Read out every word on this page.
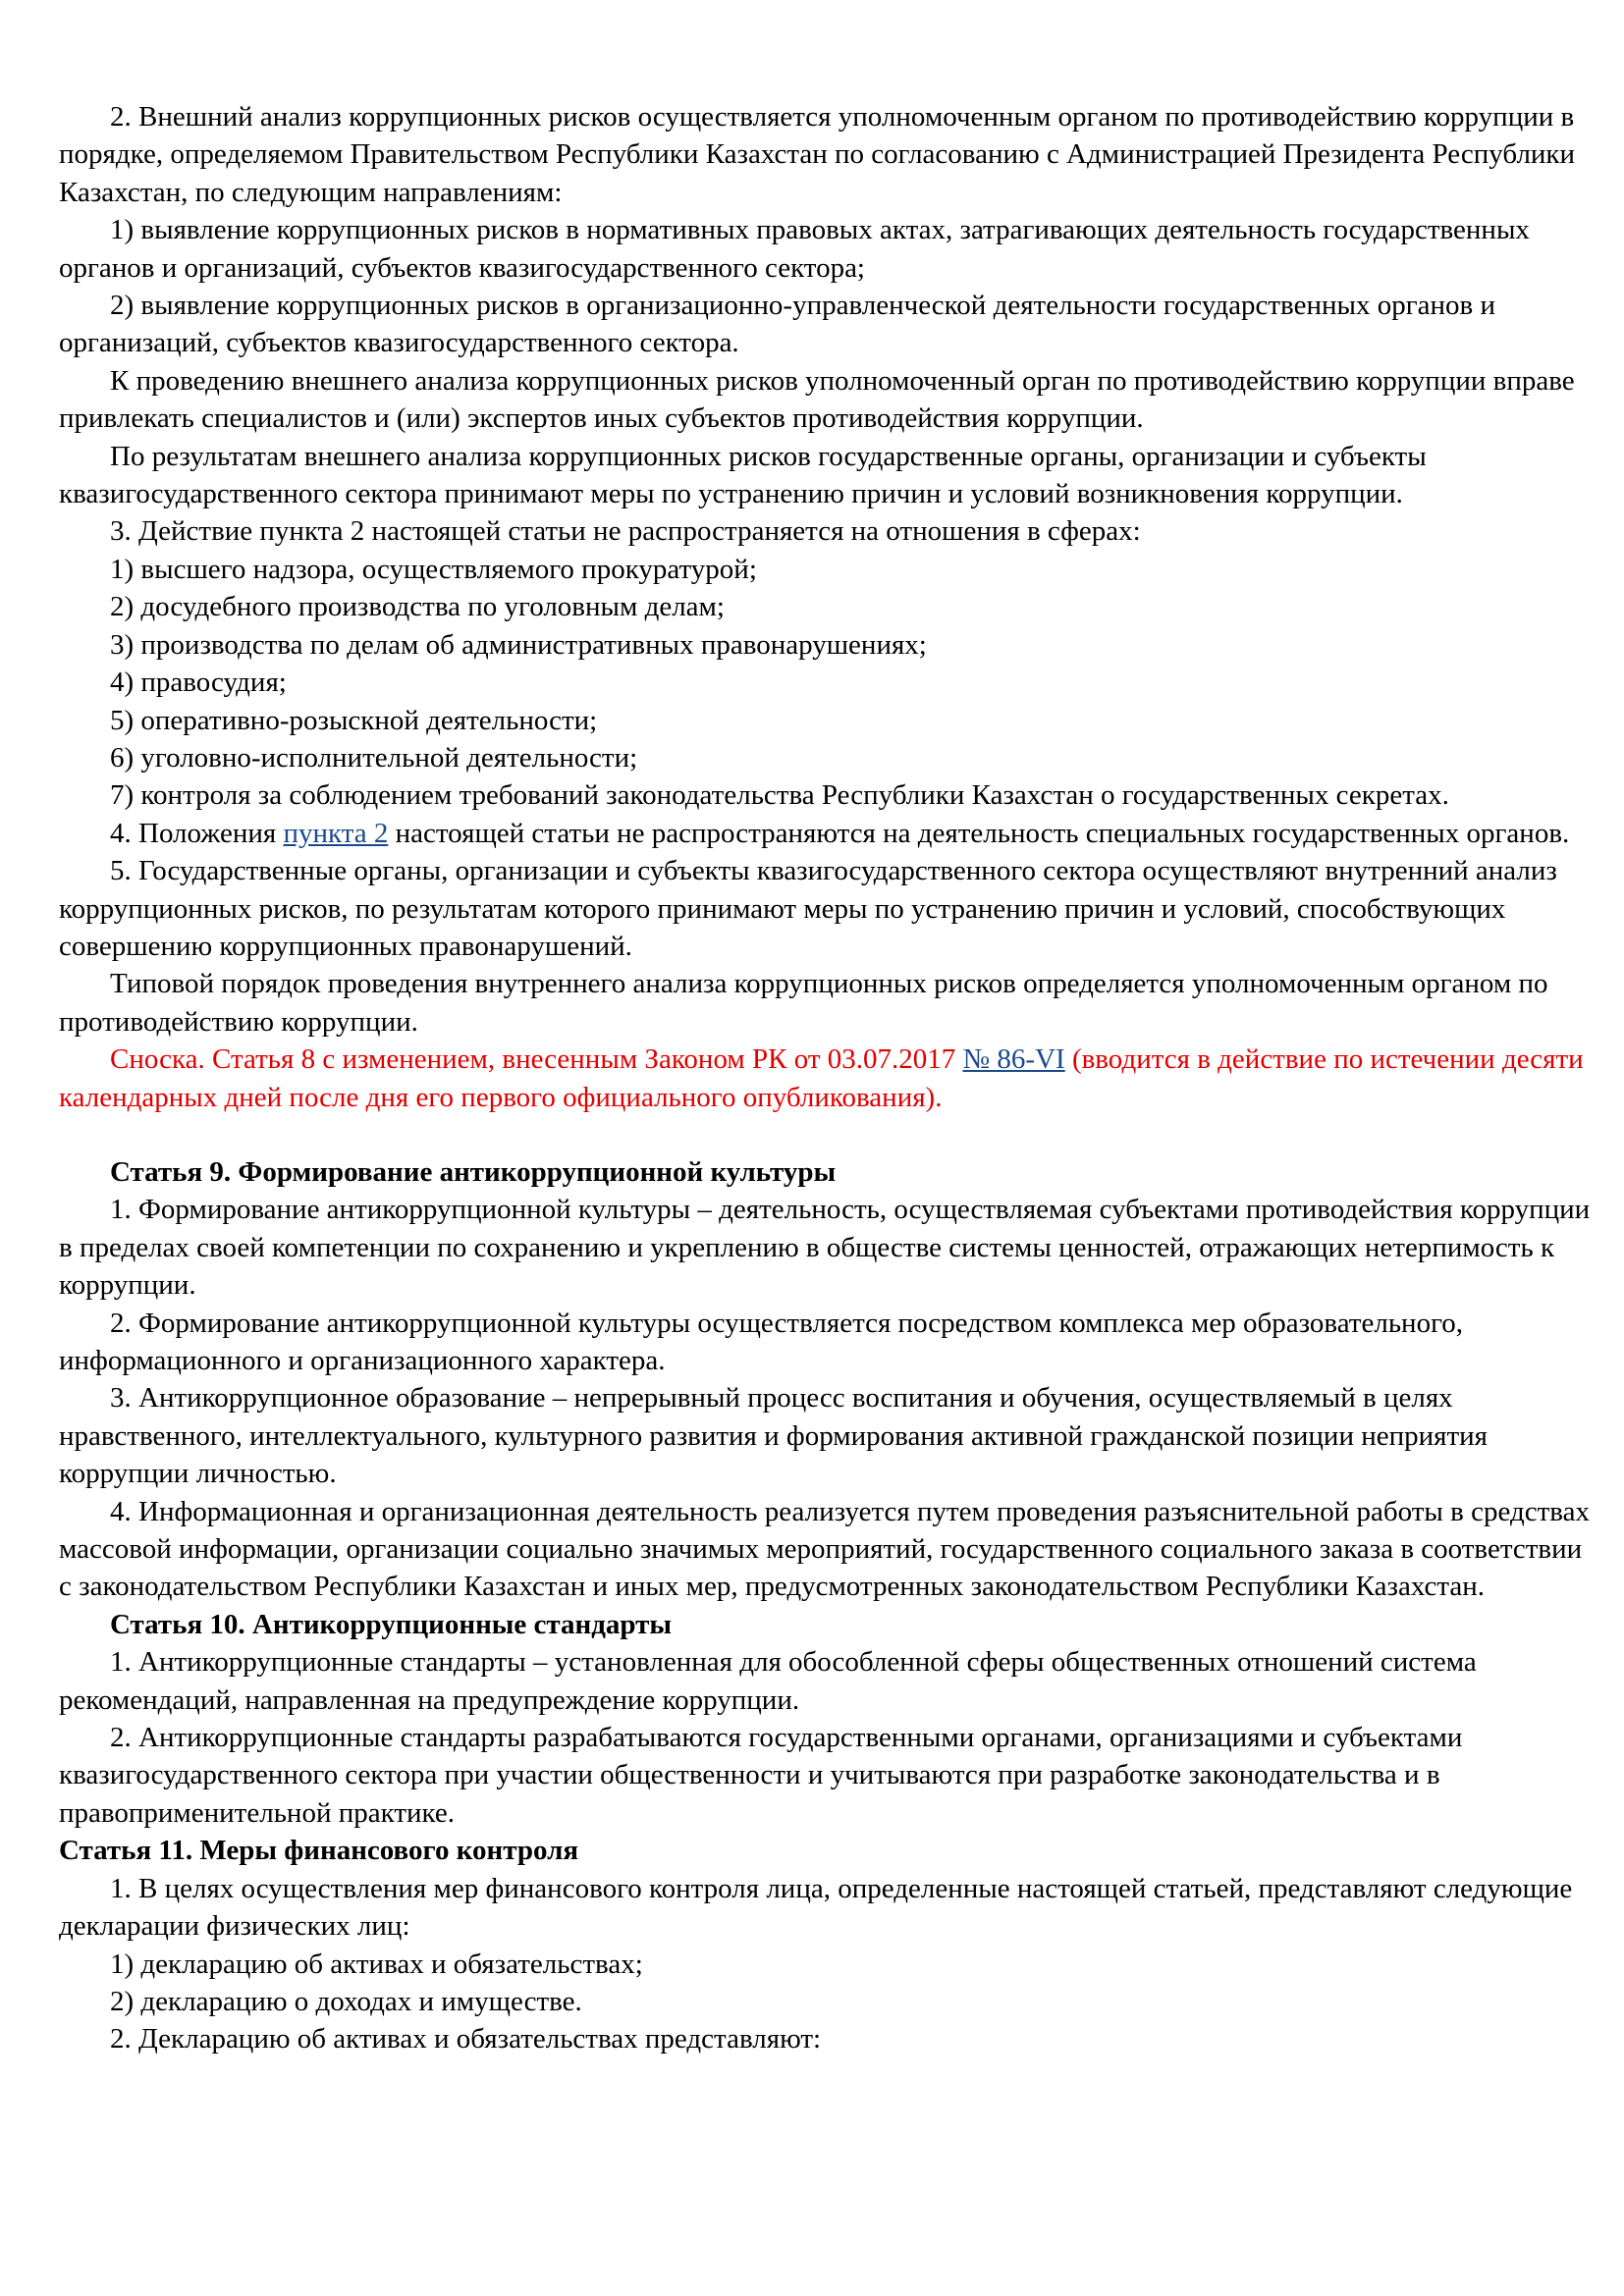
2. Внешний анализ коррупционных рисков осуществляется уполномоченным органом по противодействию коррупции в порядке, определяемом Правительством Республики Казахстан по согласованию с Администрацией Президента Республики Казахстан, по следующим направлениям:

1) выявление коррупционных рисков в нормативных правовых актах, затрагивающих деятельность государственных органов и организаций, субъектов квазигосударственного сектора;

2) выявление коррупционных рисков в организационно-управленческой деятельности государственных органов и организаций, субъектов квазигосударственного сектора.

К проведению внешнего анализа коррупционных рисков уполномоченный орган по противодействию коррупции вправе привлекать специалистов и (или) экспертов иных субъектов противодействия коррупции.

По результатам внешнего анализа коррупционных рисков государственные органы, организации и субъекты квазигосударственного сектора принимают меры по устранению причин и условий возникновения коррупции.

3. Действие пункта 2 настоящей статьи не распространяется на отношения в сферах:

1) высшего надзора, осуществляемого прокуратурой;

2) досудебного производства по уголовным делам;

3) производства по делам об административных правонарушениях;

4) правосудия;

5) оперативно-розыскной деятельности;

6) уголовно-исполнительной деятельности;

7) контроля за соблюдением требований законодательства Республики Казахстан о государственных секретах.

4. Положения пункта 2 настоящей статьи не распространяются на деятельность специальных государственных органов.

5. Государственные органы, организации и субъекты квазигосударственного сектора осуществляют внутренний анализ коррупционных рисков, по результатам которого принимают меры по устранению причин и условий, способствующих совершению коррупционных правонарушений.

Типовой порядок проведения внутреннего анализа коррупционных рисков определяется уполномоченным органом по противодействию коррупции.

Сноска. Статья 8 с изменением, внесенным Законом РК от 03.07.2017 № 86-VI (вводится в действие по истечении десяти календарных дней после дня его первого официального опубликования).

Статья 9. Формирование антикоррупционной культуры

1. Формирование антикоррупционной культуры – деятельность, осуществляемая субъектами противодействия коррупции в пределах своей компетенции по сохранению и укреплению в обществе системы ценностей, отражающих нетерпимость к коррупции.

2. Формирование антикоррупционной культуры осуществляется посредством комплекса мер образовательного, информационного и организационного характера.

3. Антикоррупционное образование – непрерывный процесс воспитания и обучения, осуществляемый в целях нравственного, интеллектуального, культурного развития и формирования активной гражданской позиции неприятия коррупции личностью.

4. Информационная и организационная деятельность реализуется путем проведения разъяснительной работы в средствах массовой информации, организации социально значимых мероприятий, государственного социального заказа в соответствии с законодательством Республики Казахстан и иных мер, предусмотренных законодательством Республики Казахстан.

Статья 10. Антикоррупционные стандарты

1. Антикоррупционные стандарты – установленная для обособленной сферы общественных отношений система рекомендаций, направленная на предупреждение коррупции.

2. Антикоррупционные стандарты разрабатываются государственными органами, организациями и субъектами квазигосударственного сектора при участии общественности и учитываются при разработке законодательства и в правоприменительной практике.

Статья 11. Меры финансового контроля

1. В целях осуществления мер финансового контроля лица, определенные настоящей статьей, представляют следующие декларации физических лиц:

1) декларацию об активах и обязательствах;

2) декларацию о доходах и имуществе.

2. Декларацию об активах и обязательствах представляют:
